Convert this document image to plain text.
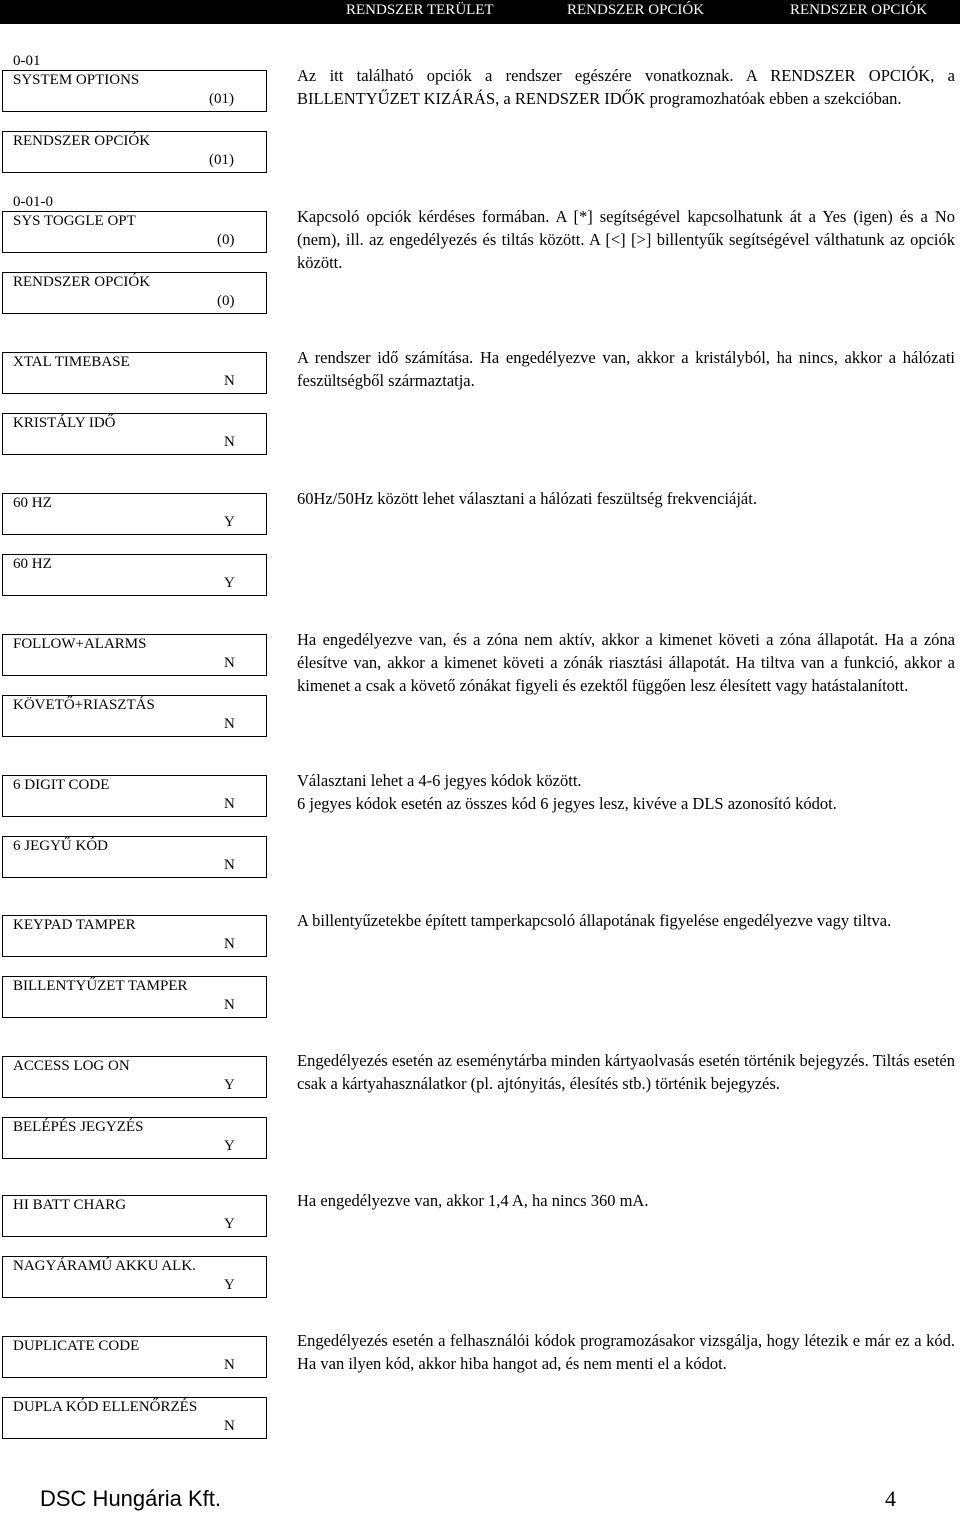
RENDSZER TERÜLET	RENDSZER OPCIÓK	RENDSZER OPCIÓK
0-01
SYSTEM OPTIONS
(01)
RENDSZER OPCIÓK
(01)

Az itt található opciók a rendszer egészére vonatkoznak. A RENDSZER OPCIÓK, a BILLENTYŰZET KIZÁRÁS, a RENDSZER IDŐK programozhatóak ebben a szekcióban.

0-01-0
SYS TOGGLE OPT
(0)
RENDSZER OPCIÓK
(0)

Kapcsoló opciók kérdéses formában. A [*] segítségével kapcsolhatunk át a Yes (igen) és a No (nem), ill. az engedélyezés és tiltás között. A [<] [>] billentyűk segítségével válthatunk az opciók között.

XTAL TIMEBASE
N
KRISTÁLY IDŐ
N

A rendszer idő számítása. Ha engedélyezve van, akkor a kristályból, ha nincs, akkor a hálózati feszültségből származtatja.

60 HZ
Y
60 HZ
Y

60Hz/50Hz között lehet választani a hálózati feszültség frekvenciáját.

FOLLOW+ALARMS
N
KÖVETŐ+RIASZTÁS
N

Ha engedélyezve van, és a zóna nem aktív, akkor a kimenet követi a zóna állapotát. Ha a zóna élesítve van, akkor a kimenet követi a zónák riasztási állapotát. Ha tiltva van a funkció, akkor a kimenet a csak a követő zónákat figyeli és ezektől függően lesz élesített vagy hatástalanított.

6 DIGIT CODE
N
6 JEGYŰ KÓD
N
Választani lehet a 4-6 jegyes kódok között.
6 jegyes kódok esetén az összes kód 6 jegyes lesz, kivéve a DLS azonosító kódot.
KEYPAD TAMPER
N
BILLENTYŰZET TAMPER
N

A billentyűzetekbe épített tamperkapcsoló állapotának figyelése engedélyezve vagy tiltva.

ACCESS LOG ON
Y
BELÉPÉS JEGYZÉS
Y

Engedélyezés esetén az eseménytárba minden kártyaolvasás esetén történik bejegyzés. Tiltás esetén csak a kártyahasználatkor (pl. ajtónyitás, élesítés stb.) történik bejegyzés.

HI BATT CHARG
Y
NAGYÁRAMÚ AKKU ALK.
Y

Ha engedélyezve van, akkor 1,4 A, ha nincs 360 mA.

DUPLICATE CODE
N
DUPLA KÓD ELLENŐRZÉS
N

Engedélyezés esetén a felhasználói kódok programozásakor vizsgálja, hogy létezik e már ez a kód. Ha van ilyen kód, akkor hiba hangot ad, és nem menti el a kódot.

DSC Hungária Kft.	4
